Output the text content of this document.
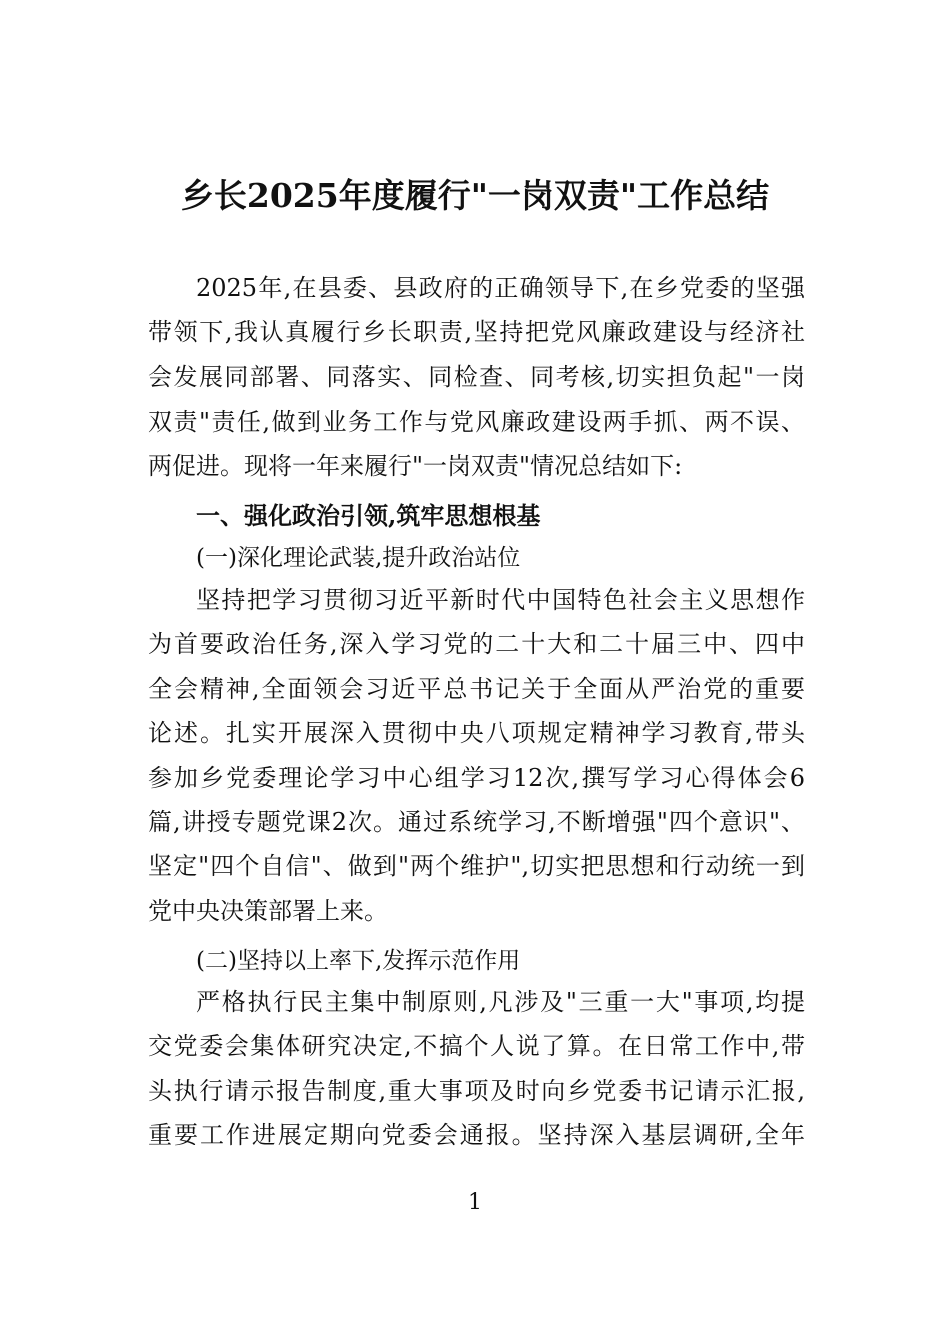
乡长2025年度履行"一岗双责"工作总结
2025年,在县委、县政府的正确领导下,在乡党委的坚强
带领下,我认真履行乡长职责,坚持把党风廉政建设与经济社
会发展同部署、同落实、同检查、同考核,切实担负起"一岗
双责"责任,做到业务工作与党风廉政建设两手抓、两不误、
两促进。现将一年来履行"一岗双责"情况总结如下:
一、强化政治引领,筑牢思想根基
(一)深化理论武装,提升政治站位
坚持把学习贯彻习近平新时代中国特色社会主义思想作
为首要政治任务,深入学习党的二十大和二十届三中、四中
全会精神,全面领会习近平总书记关于全面从严治党的重要
论述。扎实开展深入贯彻中央八项规定精神学习教育,带头
参加乡党委理论学习中心组学习12次,撰写学习心得体会6
篇,讲授专题党课2次。通过系统学习,不断增强"四个意识"、
坚定"四个自信"、做到"两个维护",切实把思想和行动统一到
党中央决策部署上来。
(二)坚持以上率下,发挥示范作用
严格执行民主集中制原则,凡涉及"三重一大"事项,均提
交党委会集体研究决定,不搞个人说了算。在日常工作中,带
头执行请示报告制度,重大事项及时向乡党委书记请示汇报,
重要工作进展定期向党委会通报。坚持深入基层调研,全年
1
